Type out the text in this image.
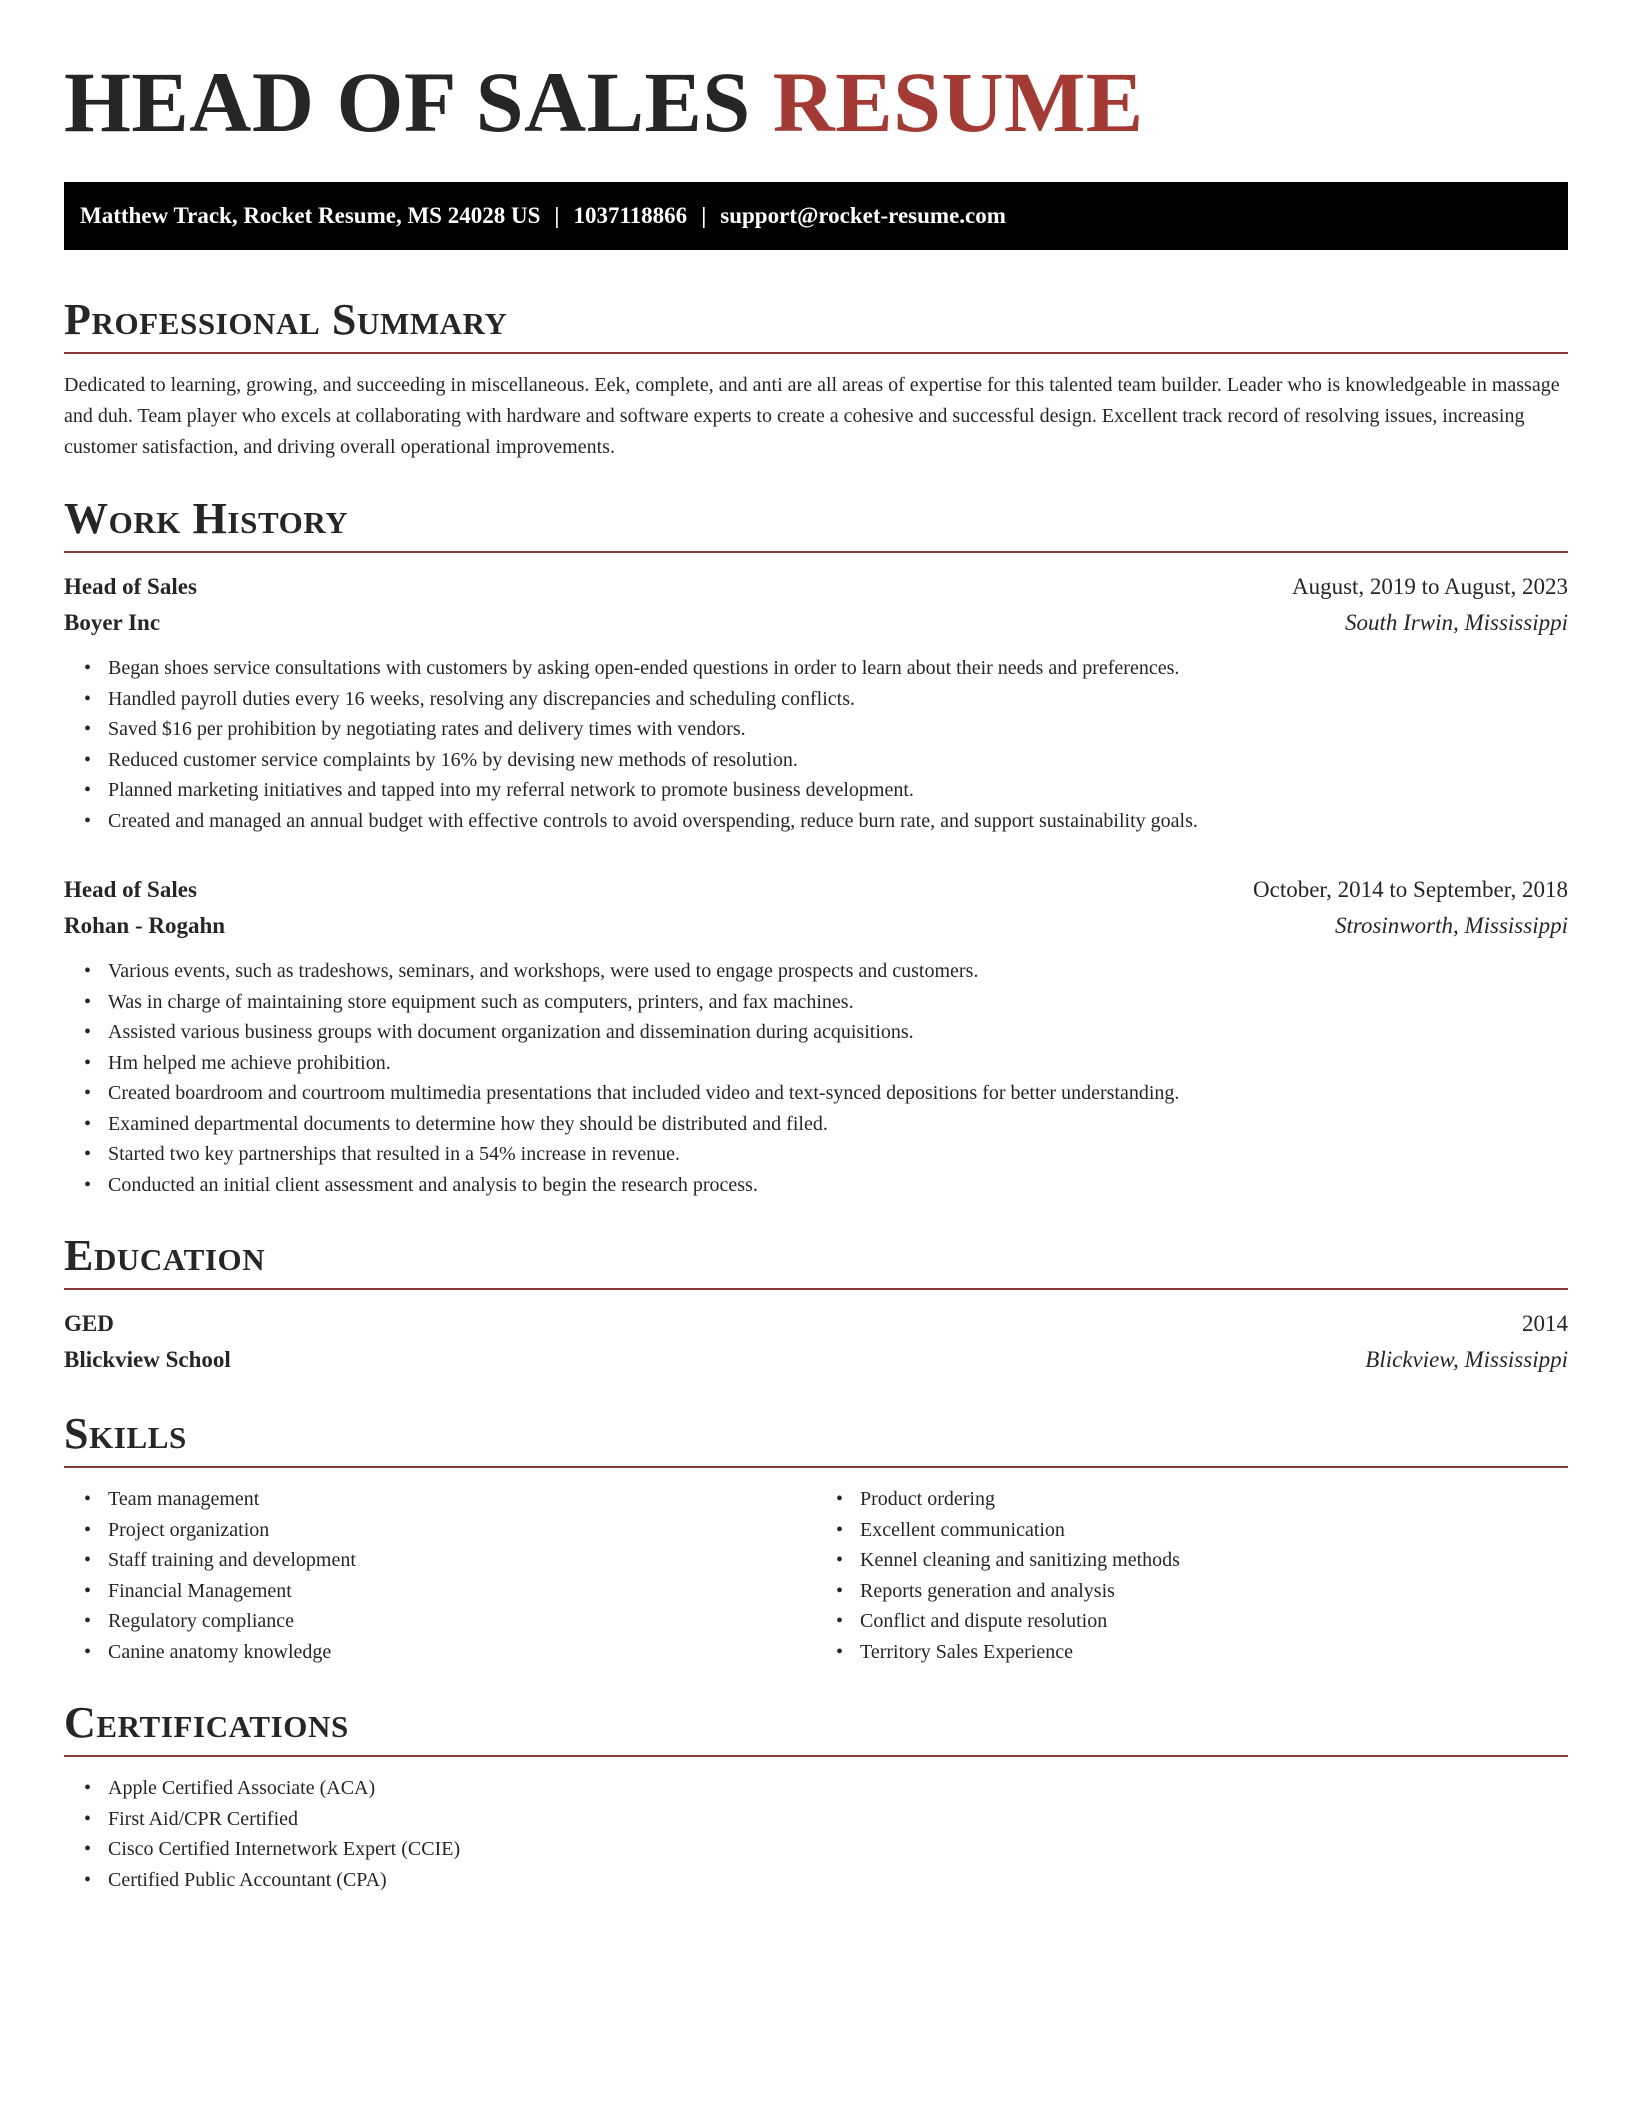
HEAD OF SALES RESUME
Matthew Track, Rocket Resume, MS 24028 US | 1037118866 | support@rocket-resume.com
Professional Summary

Dedicated to learning, growing, and succeeding in miscellaneous. Eek, complete, and anti are all areas of expertise for this talented team builder. Leader who is knowledgeable in massage and duh. Team player who excels at collaborating with hardware and software experts to create a cohesive and successful design. Excellent track record of resolving issues, increasing customer satisfaction, and driving overall operational improvements.

Work History
Head of Sales	August, 2019 to August, 2023
Boyer Inc	South Irwin, Mississippi
• Began shoes service consultations with customers by asking open-ended questions in order to learn about their needs and preferences.
• Handled payroll duties every 16 weeks, resolving any discrepancies and scheduling conflicts.
• Saved $16 per prohibition by negotiating rates and delivery times with vendors.
• Reduced customer service complaints by 16% by devising new methods of resolution.
• Planned marketing initiatives and tapped into my referral network to promote business development.
• Created and managed an annual budget with effective controls to avoid overspending, reduce burn rate, and support sustainability goals.
Head of Sales	October, 2014 to September, 2018
Rohan - Rogahn	Strosinworth, Mississippi
• Various events, such as tradeshows, seminars, and workshops, were used to engage prospects and customers.
• Was in charge of maintaining store equipment such as computers, printers, and fax machines.
• Assisted various business groups with document organization and dissemination during acquisitions.
• Hm helped me achieve prohibition.
• Created boardroom and courtroom multimedia presentations that included video and text-synced depositions for better understanding.
• Examined departmental documents to determine how they should be distributed and filed.
• Started two key partnerships that resulted in a 54% increase in revenue.
• Conducted an initial client assessment and analysis to begin the research process.
Education
GED	2014
Blickview School	Blickview, Mississippi
Skills
• Team management
• Project organization
• Staff training and development
• Financial Management
• Regulatory compliance
• Canine anatomy knowledge
• Product ordering
• Excellent communication
• Kennel cleaning and sanitizing methods
• Reports generation and analysis
• Conflict and dispute resolution
• Territory Sales Experience
Certifications
• Apple Certified Associate (ACA)
• First Aid/CPR Certified
• Cisco Certified Internetwork Expert (CCIE)
• Certified Public Accountant (CPA)
